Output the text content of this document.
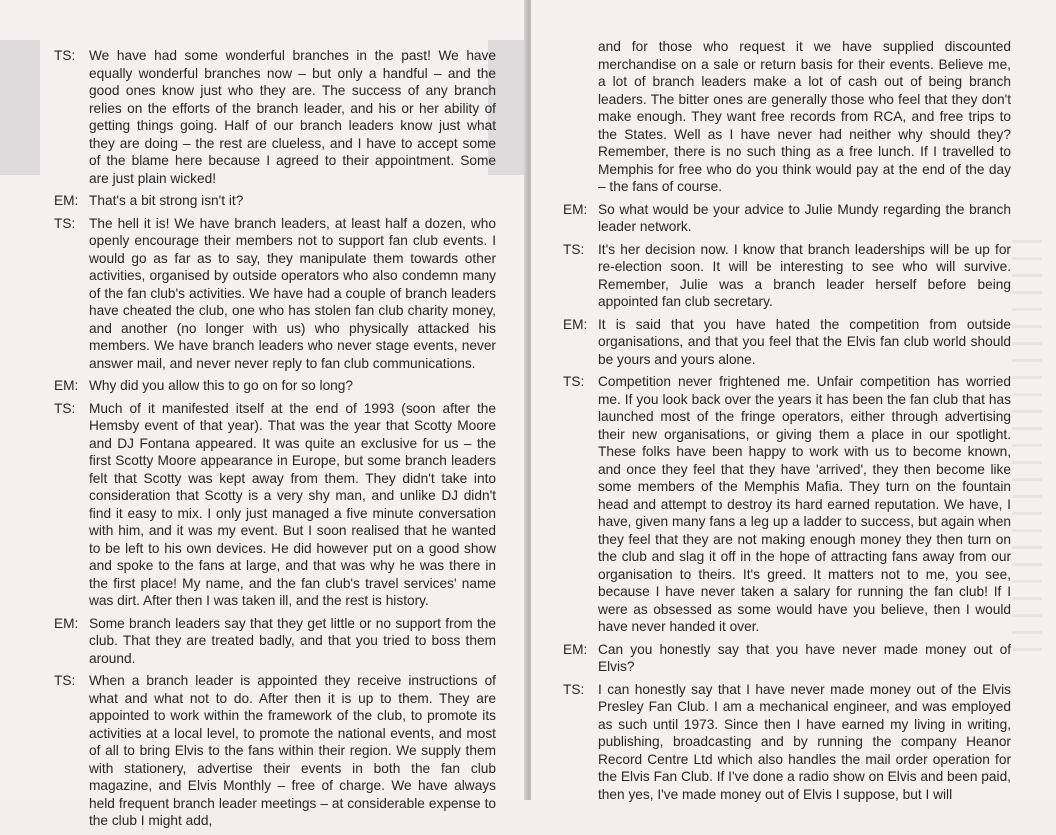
TS:	We have had some wonderful branches in the past! We have equally wonderful branches now – but only a handful – and the good ones know just who they are. The success of any branch relies on the efforts of the branch leader, and his or her ability of getting things going. Half of our branch leaders know just what they are doing – the rest are clueless, and I have to accept some of the blame here because I agreed to their appointment. Some are just plain wicked!
EM: That's a bit strong isn't it?
TS:	The hell it is! We have branch leaders, at least half a dozen, who openly encourage their members not to support fan club events. I would go as far as to say, they manipulate them towards other activities, organised by outside operators who also condemn many of the fan club's activities. We have had a couple of branch leaders have cheated the club, one who has stolen fan club charity money, and another (no longer with us) who physically attacked his members. We have branch leaders who never stage events, never answer mail, and never never reply to fan club communications.
EM: Why did you allow this to go on for so long?
TS:	Much of it manifested itself at the end of 1993 (soon after the Hemsby event of that year). That was the year that Scotty Moore and DJ Fontana appeared. It was quite an exclusive for us – the first Scotty Moore appearance in Europe, but some branch leaders felt that Scotty was kept away from them. They didn't take into consideration that Scotty is a very shy man, and unlike DJ didn't find it easy to mix. I only just managed a five minute conversation with him, and it was my event. But I soon realised that he wanted to be left to his own devices. He did however put on a good show and spoke to the fans at large, and that was why he was there in the first place! My name, and the fan club's travel services' name was dirt. After then I was taken ill, and the rest is history.
EM: Some branch leaders say that they get little or no support from the club. That they are treated badly, and that you tried to boss them around.
TS:	When a branch leader is appointed they receive instructions of what and what not to do. After then it is up to them. They are appointed to work within the framework of the club, to promote its activities at a local level, to promote the national events, and most of all to bring Elvis to the fans within their region. We supply them with stationery, advertise their events in both the fan club magazine, and Elvis Monthly – free of charge. We have always held frequent branch leader meetings – at considerable expense to the club I might add,
and for those who request it we have supplied discounted merchandise on a sale or return basis for their events. Believe me, a lot of branch leaders make a lot of cash out of being branch leaders. The bitter ones are generally those who feel that they don't make enough. They want free records from RCA, and free trips to the States. Well as I have never had neither why should they? Remember, there is no such thing as a free lunch. If I travelled to Memphis for free who do you think would pay at the end of the day – the fans of course.
EM: So what would be your advice to Julie Mundy regarding the branch leader network.
TS:	It's her decision now. I know that branch leaderships will be up for re-election soon. It will be interesting to see who will survive. Remember, Julie was a branch leader herself before being appointed fan club secretary.
EM: It is said that you have hated the competition from outside organisations, and that you feel that the Elvis fan club world should be yours and yours alone.
TS:	Competition never frightened me. Unfair competition has worried me. If you look back over the years it has been the fan club that has launched most of the fringe operators, either through advertising their new organisations, or giving them a place in our spotlight. These folks have been happy to work with us to become known, and once they feel that they have 'arrived', they then become like some members of the Memphis Mafia. They turn on the fountain head and attempt to destroy its hard earned reputation. We have, I have, given many fans a leg up a ladder to success, but again when they feel that they are not making enough money they then turn on the club and slag it off in the hope of attracting fans away from our organisation to theirs. It's greed. It matters not to me, you see, because I have never taken a salary for running the fan club! If I were as obsessed as some would have you believe, then I would have never handed it over.
EM: Can you honestly say that you have never made money out of Elvis?
TS:	I can honestly say that I have never made money out of the Elvis Presley Fan Club. I am a mechanical engineer, and was employed as such until 1973. Since then I have earned my living in writing, publishing, broadcasting and by running the company Heanor Record Centre Ltd which also handles the mail order operation for the Elvis Fan Club. If I've done a radio show on Elvis and been paid, then yes, I've made money out of Elvis I suppose, but I will
